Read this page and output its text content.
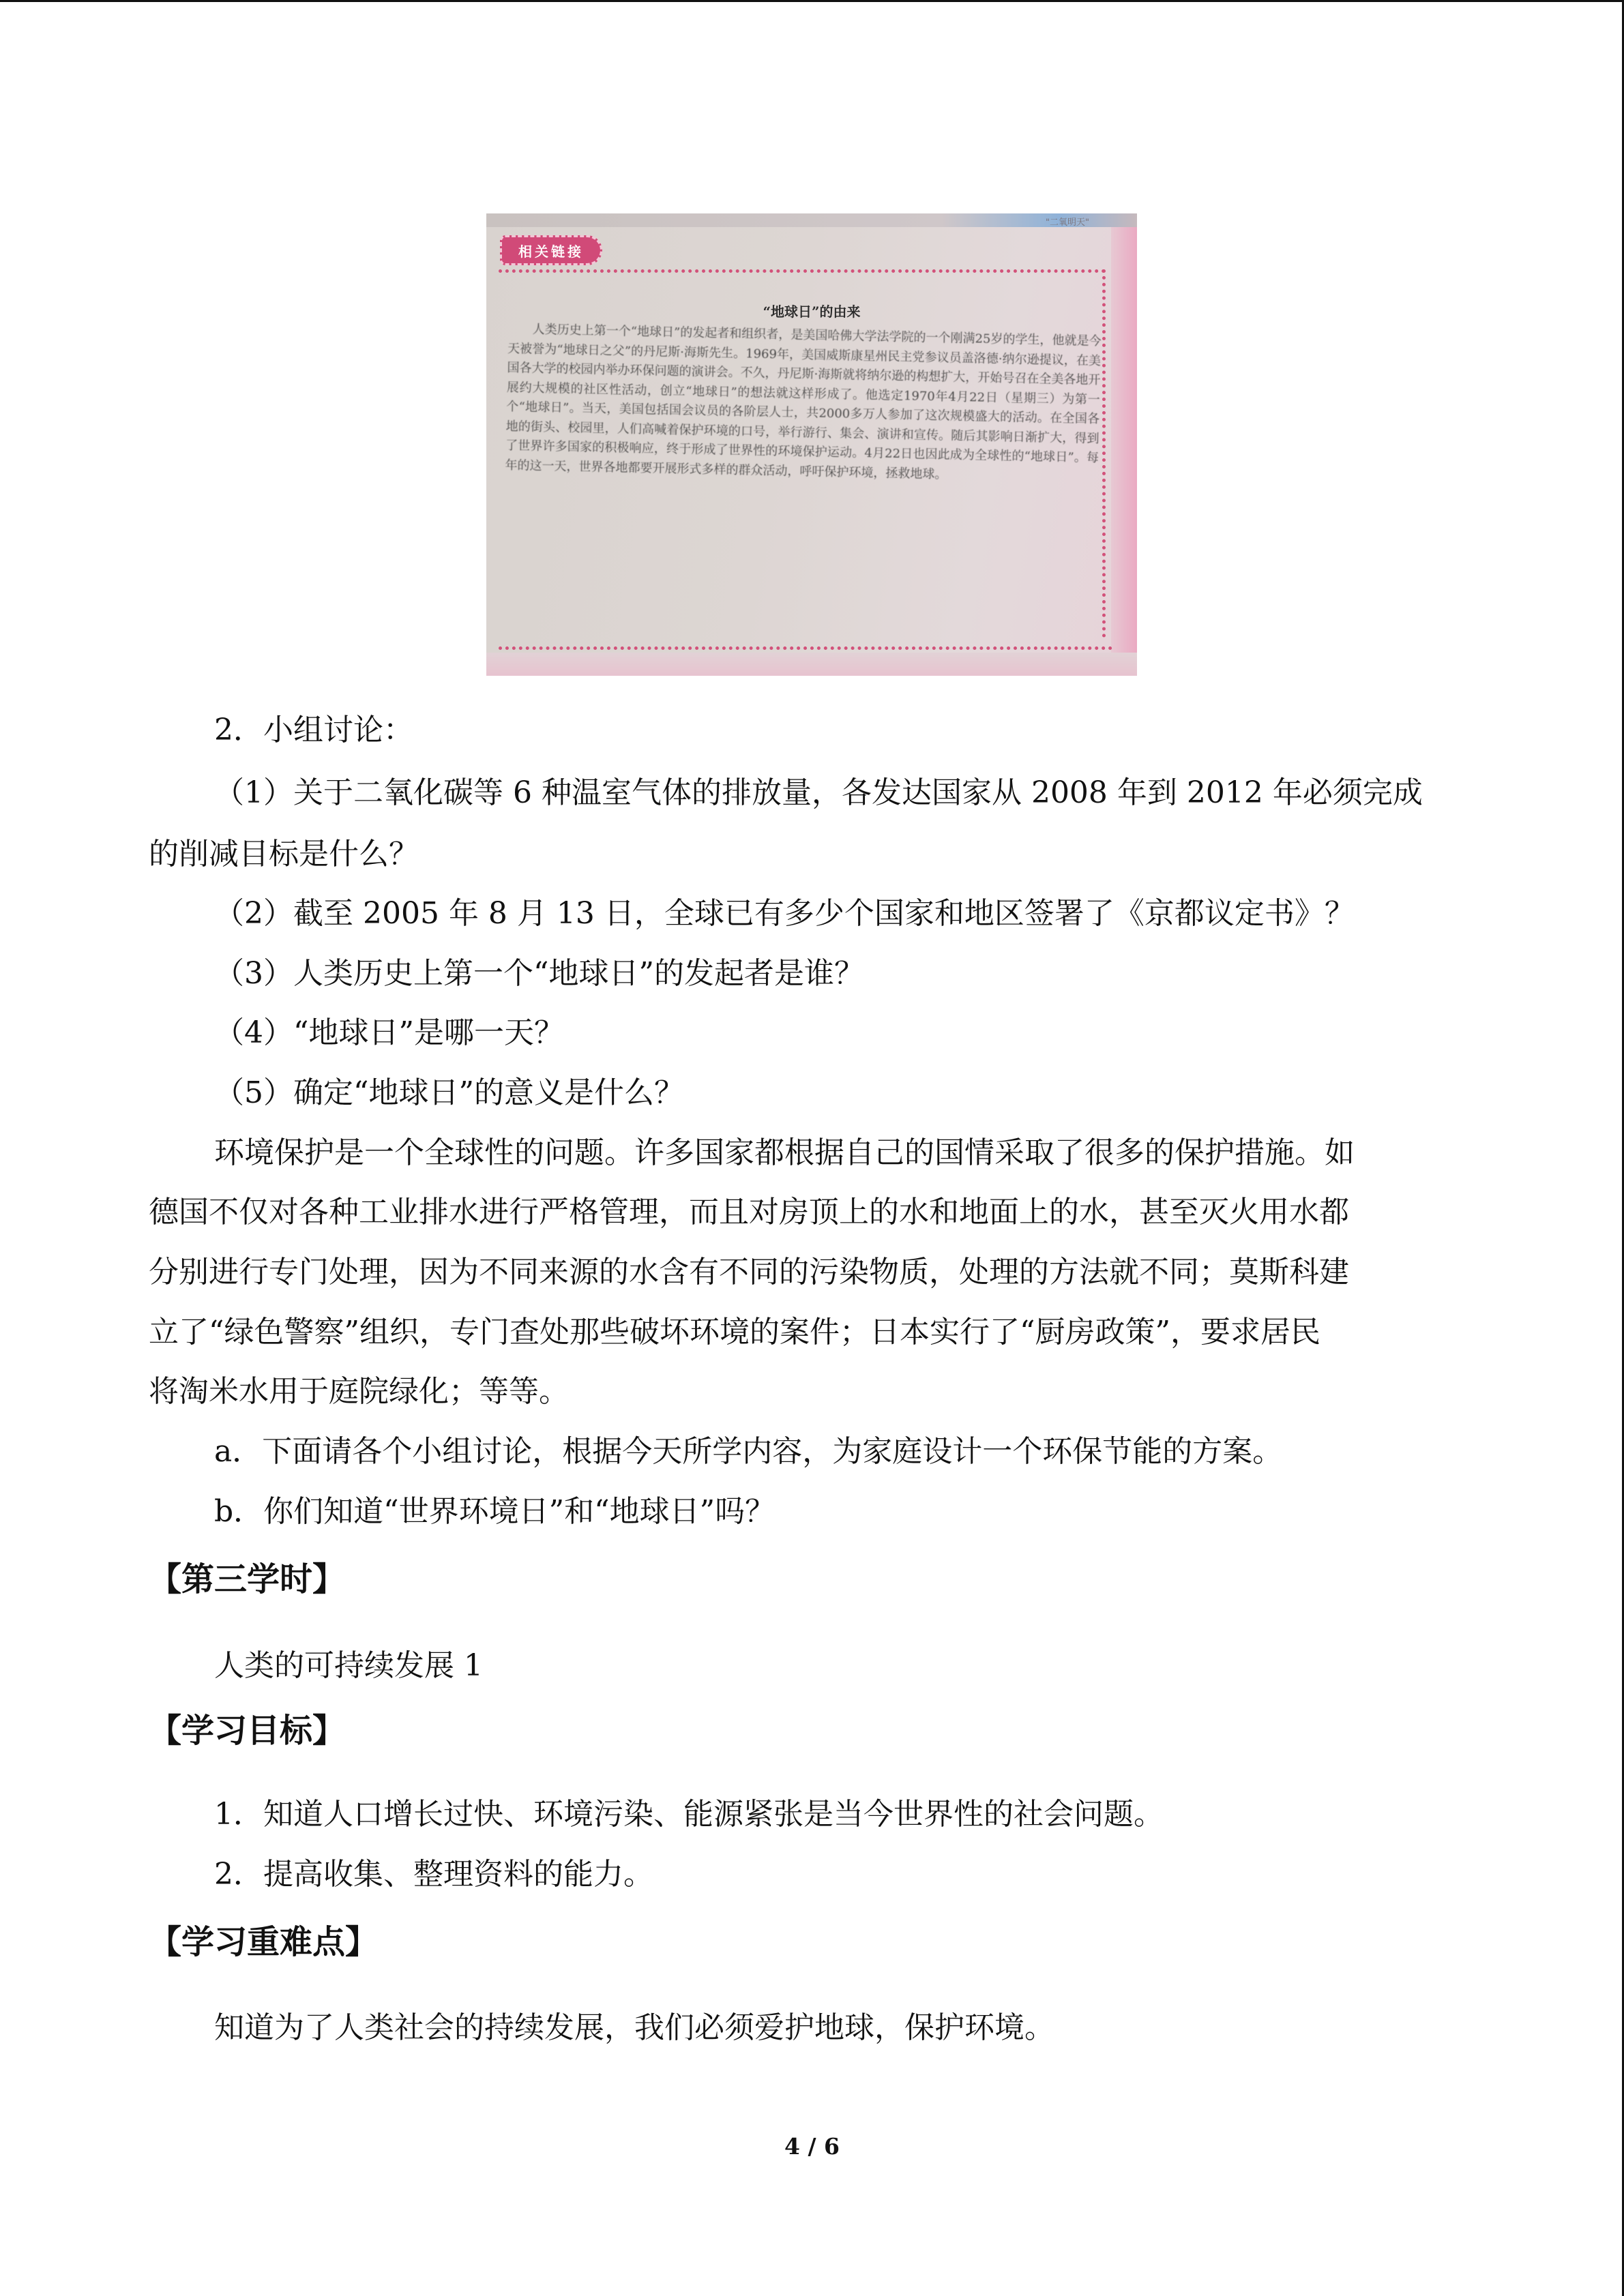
"二氧明天"
相关链接
“地球日”的由来
人类历史上第一个“地球日”的发起者和组织者，是美国哈佛大学法学院的一个刚满25岁的学生，他就是今天被誉为“地球日之父”的丹尼斯·海斯先生。1969年，美国威斯康星州民主党参议员盖洛德·纳尔逊提议，在美国各大学的校园内举办环保问题的演讲会。不久，丹尼斯·海斯就将纳尔逊的构想扩大，开始号召在全美各地开展约大规模的社区性活动，创立“地球日”的想法就这样形成了。他选定1970年4月22日（星期三）为第一个“地球日”。当天，美国包括国会议员的各阶层人士，共2000多万人参加了这次规模盛大的活动。在全国各地的街头、校园里，人们高喊着保护环境的口号，举行游行、集会、演讲和宣传。随后其影响日渐扩大，得到了世界许多国家的积极响应，终于形成了世界性的环境保护运动。4月22日也因此成为全球性的“地球日”。每年的这一天，世界各地都要开展形式多样的群众活动，呼吁保护环境，拯救地球。
2．小组讨论：
（1）关于二氧化碳等 6 种温室气体的排放量，各发达国家从 2008 年到 2012 年必须完成
的削减目标是什么？
（2）截至 2005 年 8 月 13 日，全球已有多少个国家和地区签署了《京都议定书》？
（3）人类历史上第一个“地球日”的发起者是谁？
（4）“地球日”是哪一天？
（5）确定“地球日”的意义是什么？
环境保护是一个全球性的问题。许多国家都根据自己的国情采取了很多的保护措施。如
德国不仅对各种工业排水进行严格管理，而且对房顶上的水和地面上的水，甚至灭火用水都
分别进行专门处理，因为不同来源的水含有不同的污染物质，处理的方法就不同；莫斯科建
立了“绿色警察”组织，专门查处那些破坏环境的案件；日本实行了“厨房政策”，要求居民
将淘米水用于庭院绿化；等等。
a．下面请各个小组讨论，根据今天所学内容，为家庭设计一个环保节能的方案。
b．你们知道“世界环境日”和“地球日”吗？
【第三学时】
人类的可持续发展 1
【学习目标】
1．知道人口增长过快、环境污染、能源紧张是当今世界性的社会问题。
2．提高收集、整理资料的能力。
【学习重难点】
知道为了人类社会的持续发展，我们必须爱护地球，保护环境。
4 / 6
